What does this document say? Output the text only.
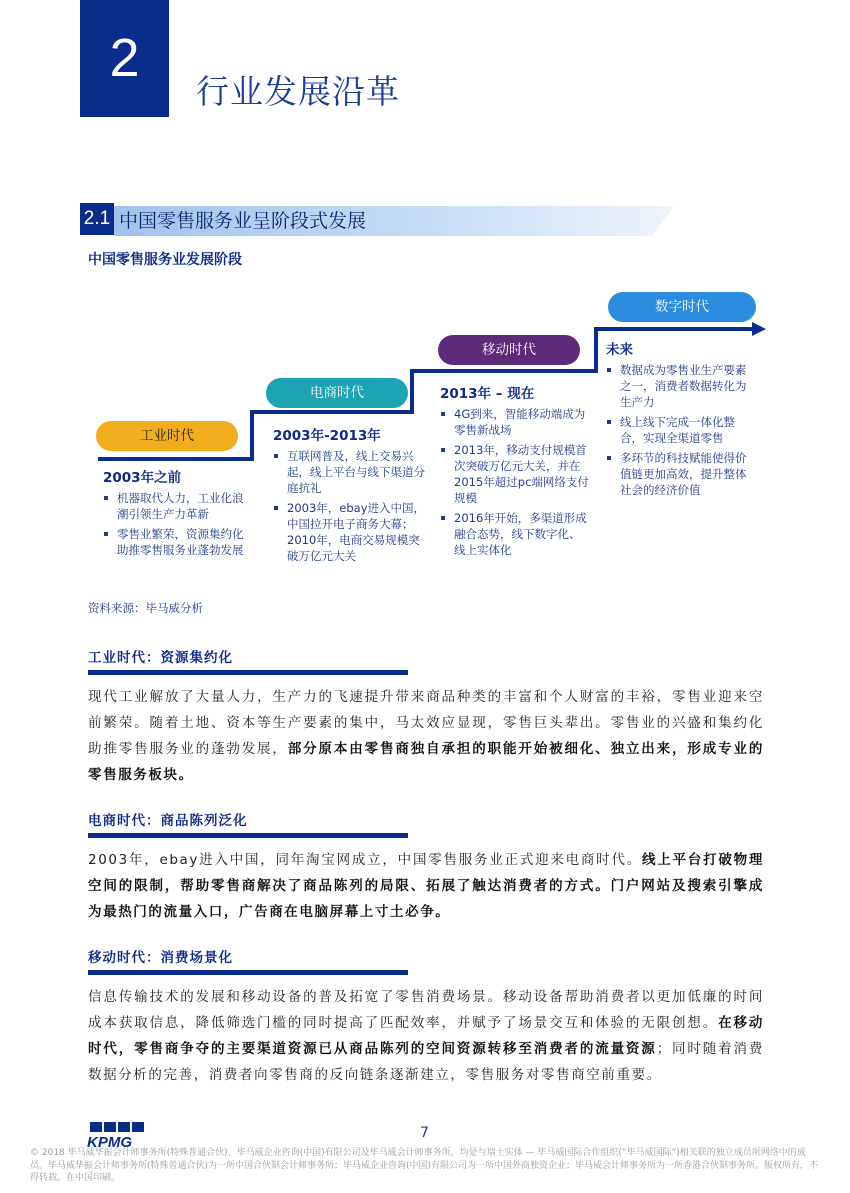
2
行业发展沿革
2.1 中国零售服务业呈阶段式发展
中国零售服务业发展阶段
工业时代
电商时代
移动时代
数字时代
2003年之前
机器取代人力，工业化浪潮引领生产力革新
零售业繁荣，资源集约化助推零售服务业蓬勃发展
2003年-2013年
互联网普及，线上交易兴起，线上平台与线下渠道分庭抗礼
2003年，ebay进入中国，中国拉开电子商务大幕；2010年，电商交易规模突破万亿元大关
2013年 – 现在
4G到来，智能移动端成为零售新战场
2013年，移动支付规模首次突破万亿元大关，并在2015年超过pc端网络支付规模
2016年开始，多渠道形成融合态势，线下数字化、线上实体化
未来
数据成为零售业生产要素之一，消费者数据转化为生产力
线上线下完成一体化整合，实现全渠道零售
多环节的科技赋能使得价值链更加高效，提升整体社会的经济价值
资料来源：毕马威分析
工业时代：资源集约化
现代工业解放了大量人力，生产力的飞速提升带来商品种类的丰富和个人财富的丰裕，零售业迎来空前繁荣。随着土地、资本等生产要素的集中，马太效应显现，零售巨头辈出。零售业的兴盛和集约化助推零售服务业的蓬勃发展，部分原本由零售商独自承担的职能开始被细化、独立出来，形成专业的零售服务板块。
电商时代：商品陈列泛化
2003年，ebay进入中国，同年淘宝网成立，中国零售服务业正式迎来电商时代。线上平台打破物理空间的限制，帮助零售商解决了商品陈列的局限、拓展了触达消费者的方式。门户网站及搜索引擎成为最热门的流量入口，广告商在电脑屏幕上寸土必争。
移动时代：消费场景化
信息传输技术的发展和移动设备的普及拓宽了零售消费场景。移动设备帮助消费者以更加低廉的时间成本获取信息，降低筛选门槛的同时提高了匹配效率，并赋予了场景交互和体验的无限创想。在移动时代，零售商争夺的主要渠道资源已从商品陈列的空间资源转移至消费者的流量资源；同时随着消费数据分析的完善，消费者向零售商的反向链条逐渐建立，零售服务对零售商空前重要。
KPMG
7
© 2018 毕马威华振会计师事务所(特殊普通合伙)、毕马威企业咨询(中国)有限公司及毕马威会计师事务所，均是与瑞士实体 — 毕马威国际合作组织(“毕马威国际”)相关联的独立成员所网络中的成员。毕马威华振会计师事务所(特殊普通合伙)为一所中国合伙制会计师事务所；毕马威企业咨询(中国)有限公司为一所中国外商独资企业；毕马威会计师事务所为一所香港合伙制事务所。版权所有，不得转载。在中国印刷。
